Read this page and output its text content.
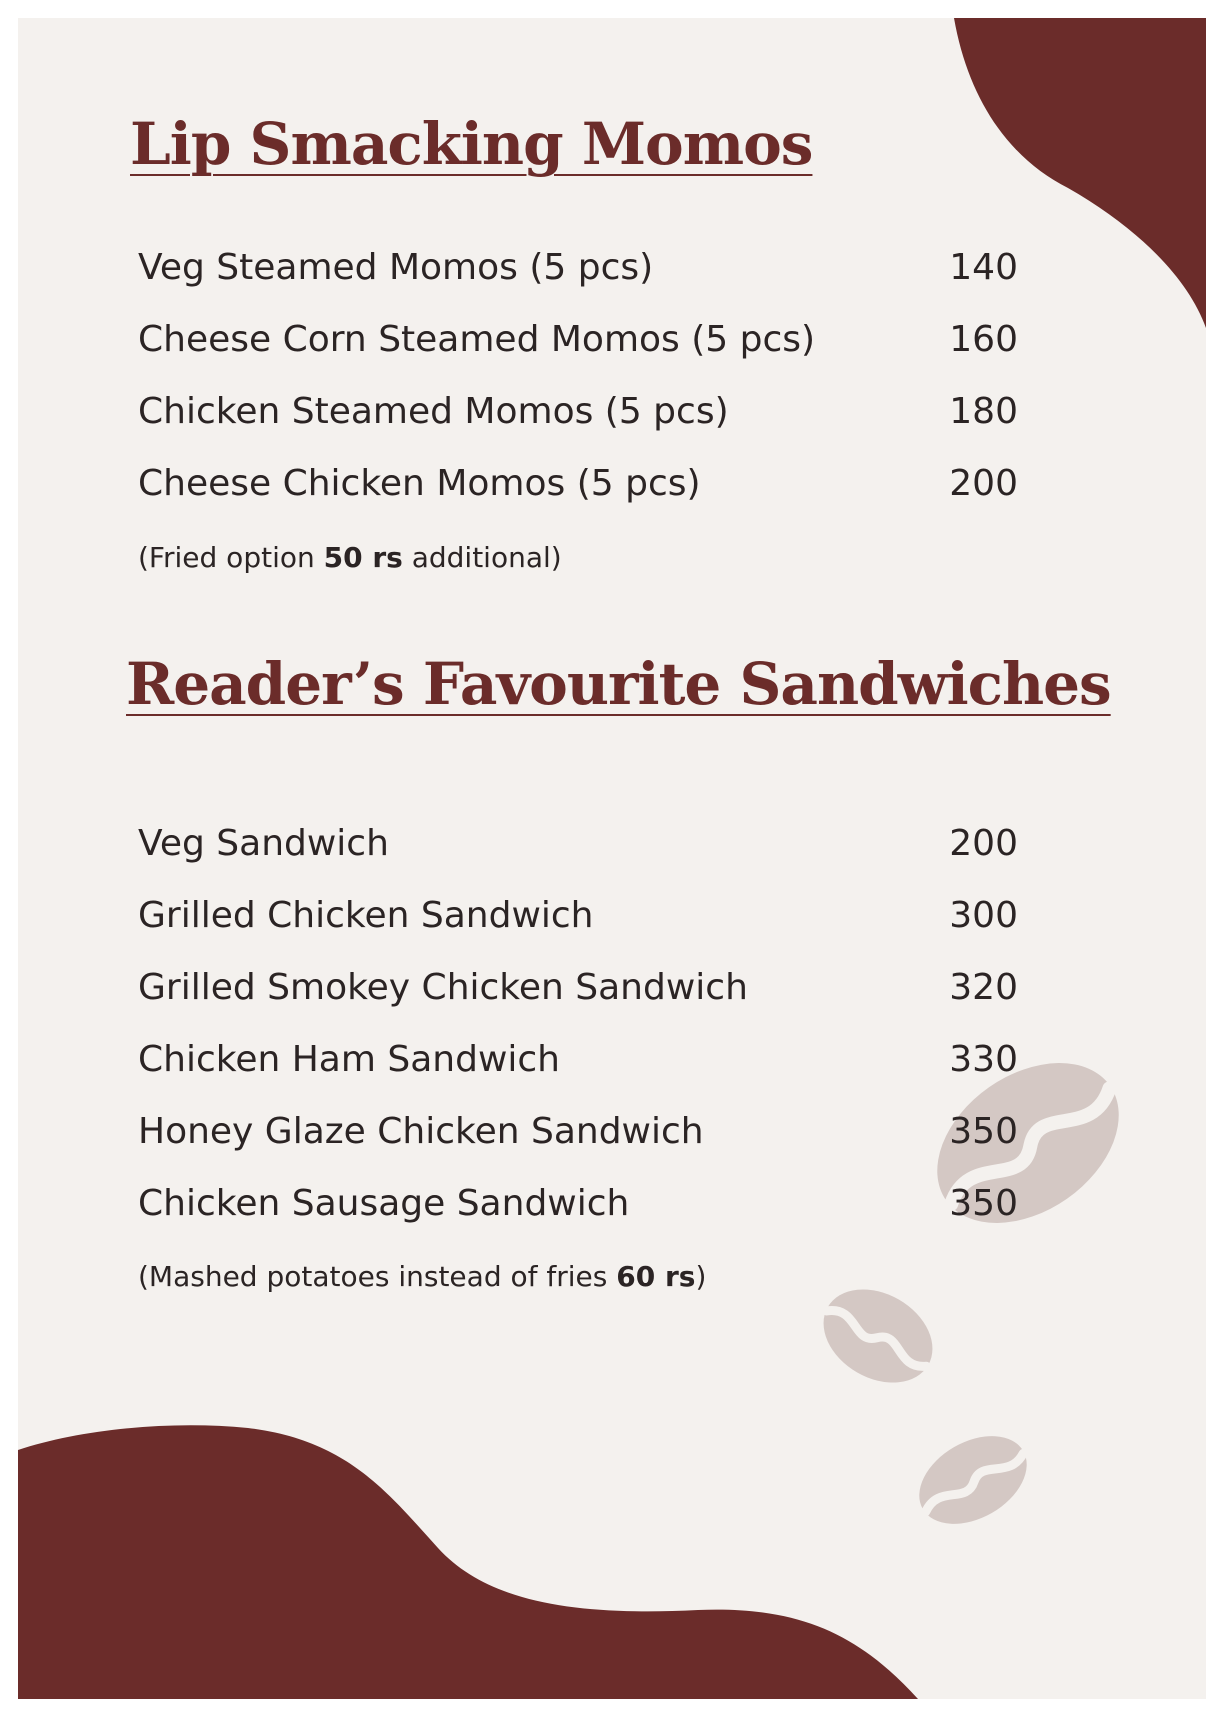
Lip Smacking Momos
Veg Steamed Momos (5 pcs)	140
Cheese Corn Steamed Momos (5 pcs)	160
Chicken Steamed Momos (5 pcs)	180
Cheese Chicken Momos (5 pcs)	200
(Fried option 50 rs additional)
Reader’s Favourite Sandwiches
Veg Sandwich	200
Grilled Chicken Sandwich	300
Grilled Smokey Chicken Sandwich	320
Chicken Ham Sandwich	330
Honey Glaze Chicken Sandwich	350
Chicken Sausage Sandwich	350
(Mashed potatoes instead of fries 60 rs)
